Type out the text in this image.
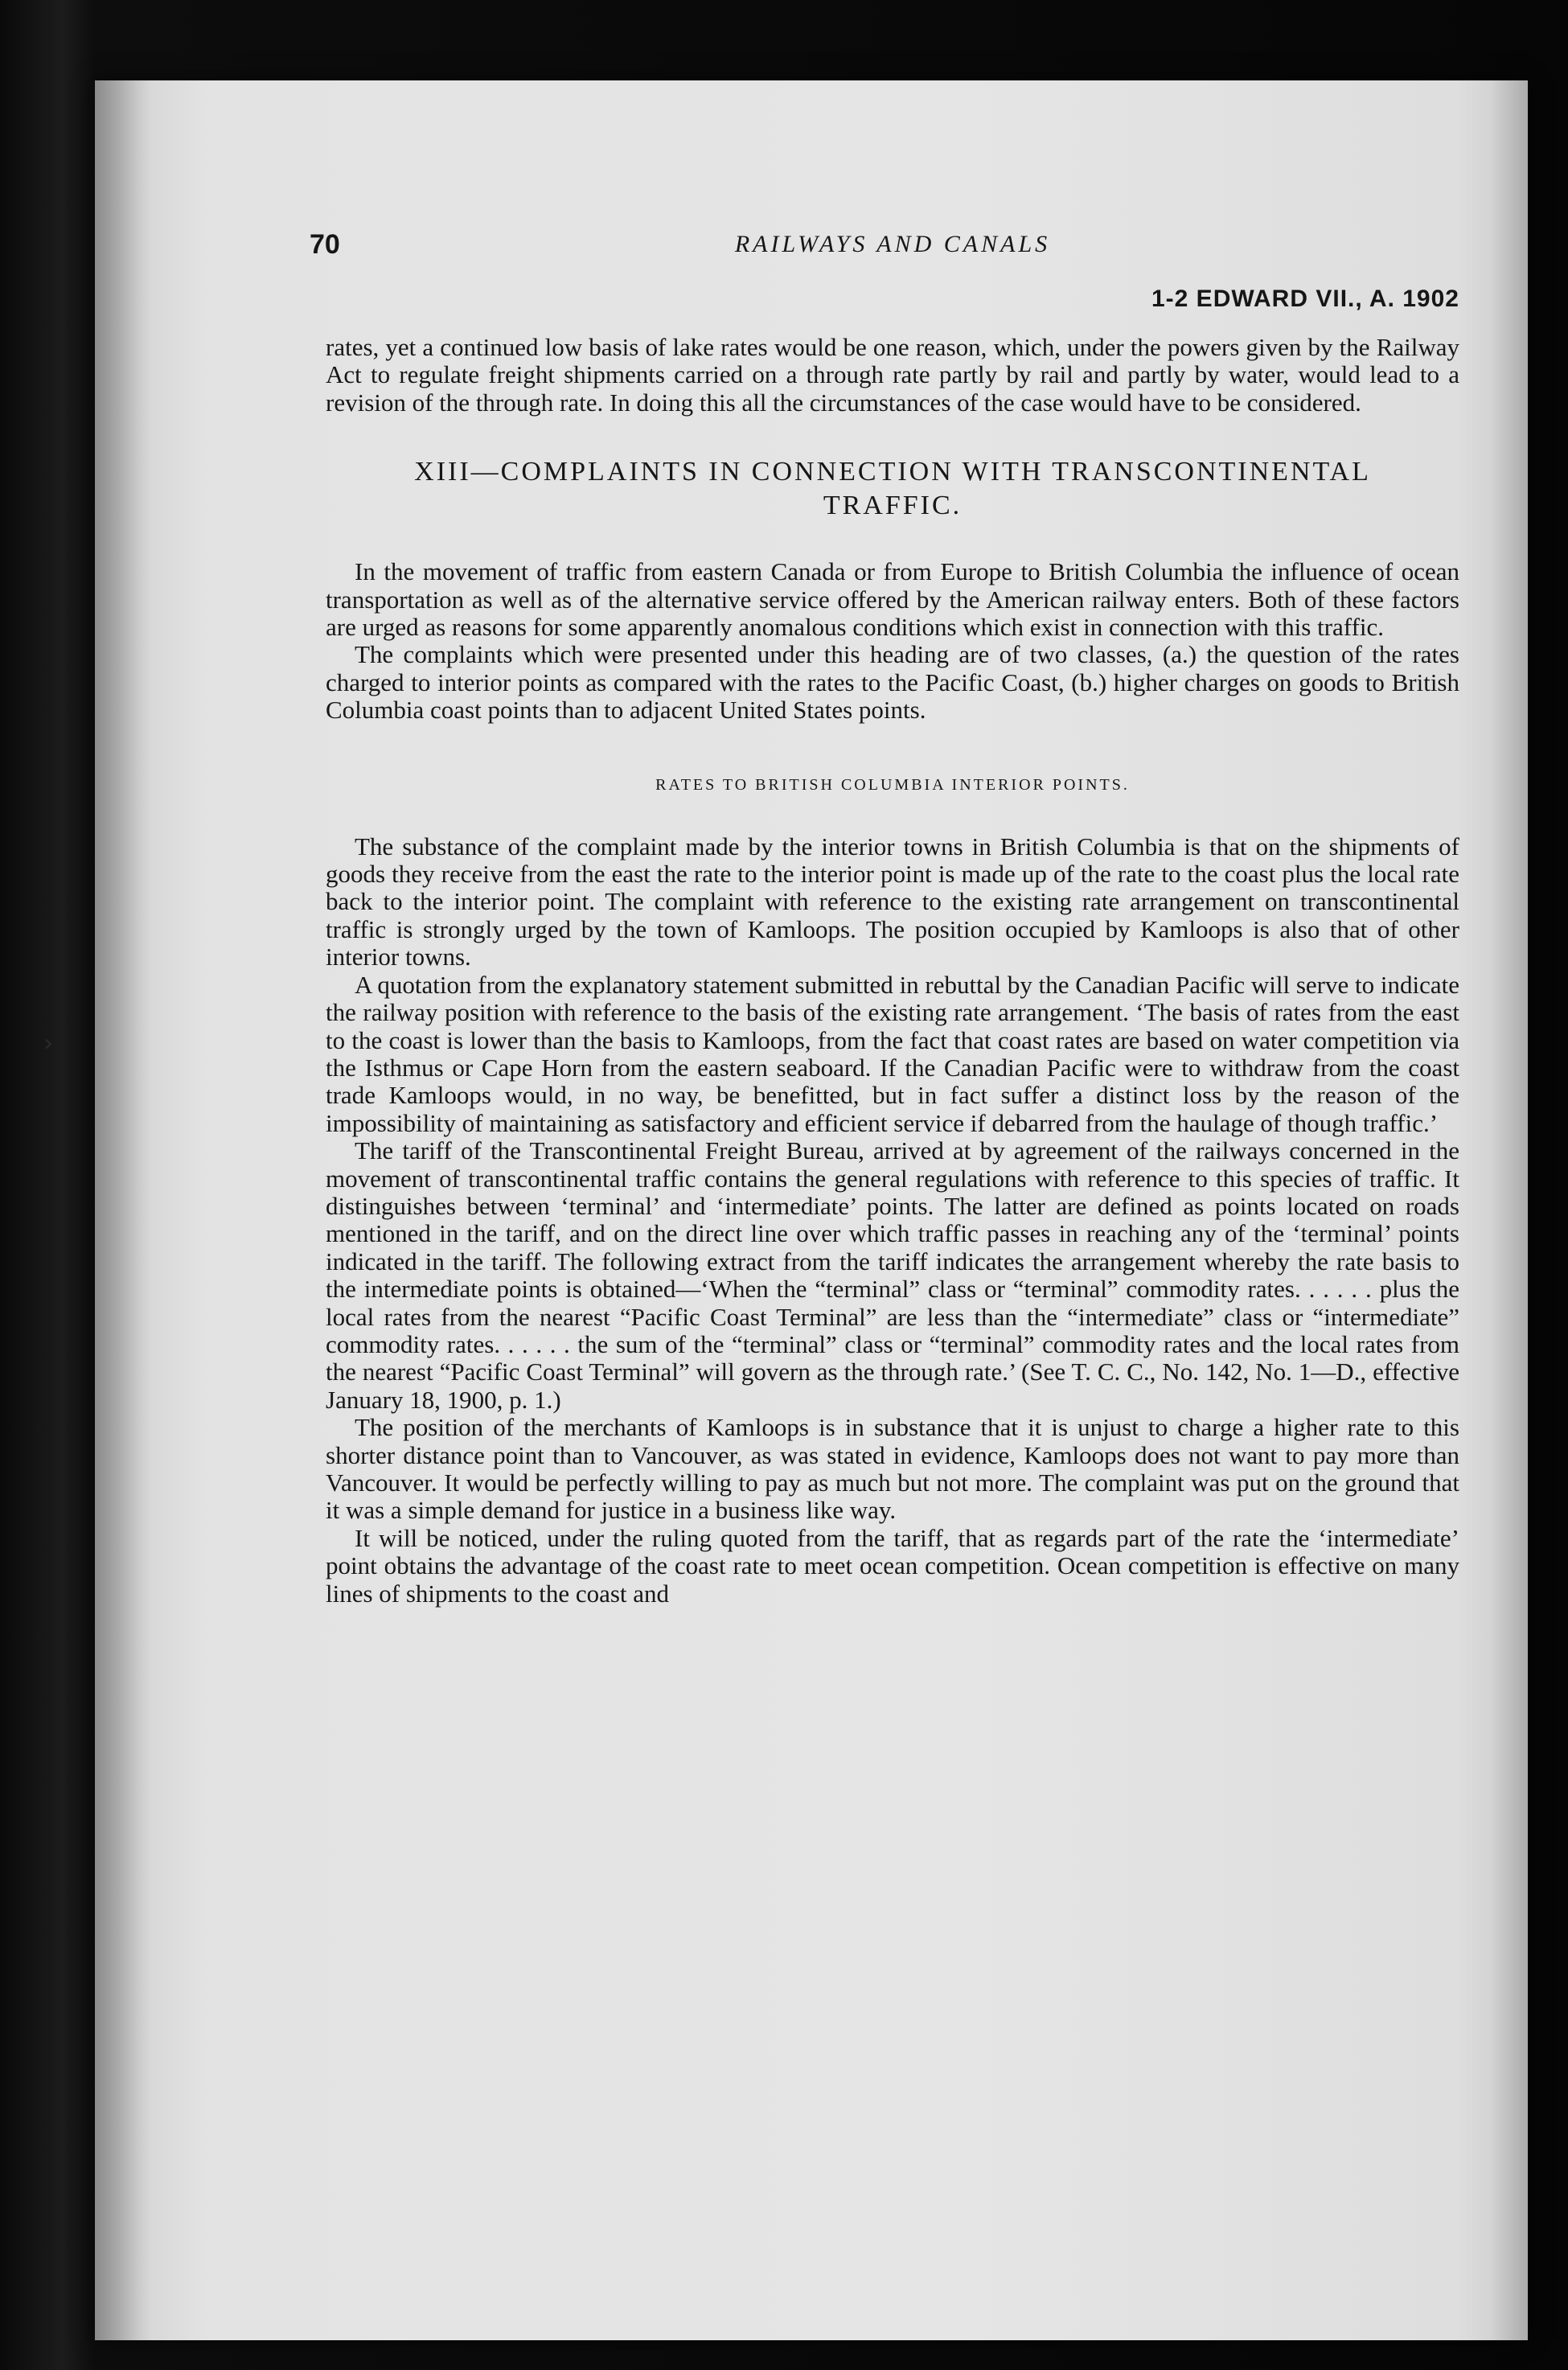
›
70	RAILWAYS AND CANALS
1-2 EDWARD VII., A. 1902

rates, yet a continued low basis of lake rates would be one reason, which, under the powers given by the Railway Act to regulate freight shipments carried on a through rate partly by rail and partly by water, would lead to a revision of the through rate. In doing this all the circumstances of the case would have to be considered.

XIII—COMPLAINTS IN CONNECTION WITH TRANSCONTINENTAL TRAFFIC.

In the movement of traffic from eastern Canada or from Europe to British Columbia the influence of ocean transportation as well as of the alternative service offered by the American railway enters. Both of these factors are urged as reasons for some apparently anomalous conditions which exist in connection with this traffic.

The complaints which were presented under this heading are of two classes, (a.) the question of the rates charged to interior points as compared with the rates to the Pacific Coast, (b.) higher charges on goods to British Columbia coast points than to adjacent United States points.

RATES TO BRITISH COLUMBIA INTERIOR POINTS.

The substance of the complaint made by the interior towns in British Columbia is that on the shipments of goods they receive from the east the rate to the interior point is made up of the rate to the coast plus the local rate back to the interior point. The complaint with reference to the existing rate arrangement on transcontinental traffic is strongly urged by the town of Kamloops. The position occupied by Kamloops is also that of other interior towns.

A quotation from the explanatory statement submitted in rebuttal by the Canadian Pacific will serve to indicate the railway position with reference to the basis of the existing rate arrangement. ‘The basis of rates from the east to the coast is lower than the basis to Kamloops, from the fact that coast rates are based on water competition via the Isthmus or Cape Horn from the eastern seaboard. If the Canadian Pacific were to withdraw from the coast trade Kamloops would, in no way, be benefitted, but in fact suffer a distinct loss by the reason of the impossibility of maintaining as satisfactory and efficient service if debarred from the haulage of though traffic.’

The tariff of the Transcontinental Freight Bureau, arrived at by agreement of the railways concerned in the movement of transcontinental traffic contains the general regulations with reference to this species of traffic. It distinguishes between ‘terminal’ and ‘intermediate’ points. The latter are defined as points located on roads mentioned in the tariff, and on the direct line over which traffic passes in reaching any of the ‘terminal’ points indicated in the tariff. The following extract from the tariff indicates the arrangement whereby the rate basis to the intermediate points is obtained—‘When the “terminal” class or “terminal” commodity rates. . . . . . plus the local rates from the nearest “Pacific Coast Terminal” are less than the “intermediate” class or “intermediate” commodity rates. . . . . . the sum of the “terminal” class or “terminal” commodity rates and the local rates from the nearest “Pacific Coast Terminal” will govern as the through rate.’ (See T. C. C., No. 142, No. 1—D., effective January 18, 1900, p. 1.)

The position of the merchants of Kamloops is in substance that it is unjust to charge a higher rate to this shorter distance point than to Vancouver, as was stated in evidence, Kamloops does not want to pay more than Vancouver. It would be perfectly willing to pay as much but not more. The complaint was put on the ground that it was a simple demand for justice in a business like way.

It will be noticed, under the ruling quoted from the tariff, that as regards part of the rate the ‘intermediate’ point obtains the advantage of the coast rate to meet ocean competition. Ocean competition is effective on many lines of shipments to the coast and
